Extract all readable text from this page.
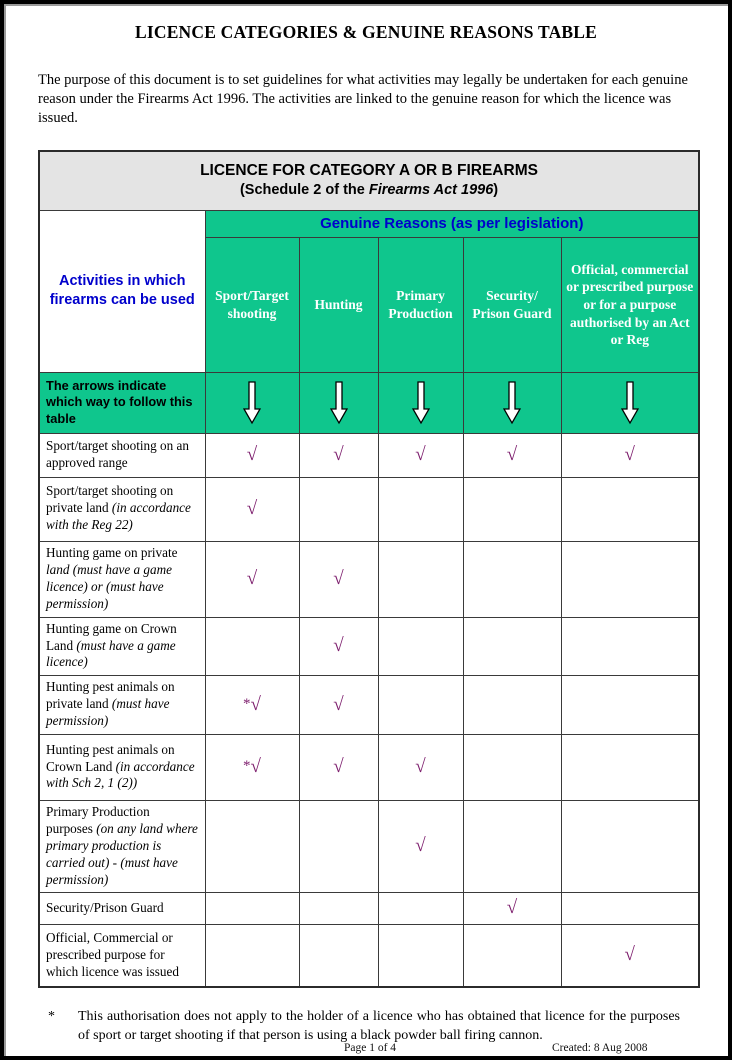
LICENCE CATEGORIES & GENUINE REASONS TABLE

The purpose of this document is to set guidelines for what activities may legally be undertaken for each genuine reason under the Firearms Act 1996. The activities are linked to the genuine reason for which the licence was issued.

LICENCE FOR CATEGORY A OR B FIREARMS
(Schedule 2 of the Firearms Act 1996)					

Activities in which firearms can be used	Genuine Reasons (as per legislation)				
	Sport/Target shooting	Hunting	Primary Production	Security/ Prison Guard	Official, commercial or prescribed purpose or for a purpose authorised by an Act or Reg
The arrows indicate which way to follow this table					
Sport/target shooting on an approved range	√	√	√	√	√
Sport/target shooting on private land (in accordance with the Reg 22)	√				
Hunting game on private land (must have a game licence) or (must have permission)	√	√			
Hunting game on Crown Land (must have a game licence)		√			
Hunting pest animals on private land (must have permission)	*√	√			
Hunting pest animals on Crown Land (in accordance with Sch 2, 1 (2))	*√	√	√		
Primary Production purposes (on any land where primary production is carried out) - (must have permission)			√		
Security/Prison Guard				√	
Official, Commercial or prescribed purpose for which licence was issued					√
*	This authorisation does not apply to the holder of a licence who has obtained that licence for the purposes of sport or target shooting if that person is using a black powder ball firing cannon.
Page 1 of 4	Created: 8 Aug 2008
